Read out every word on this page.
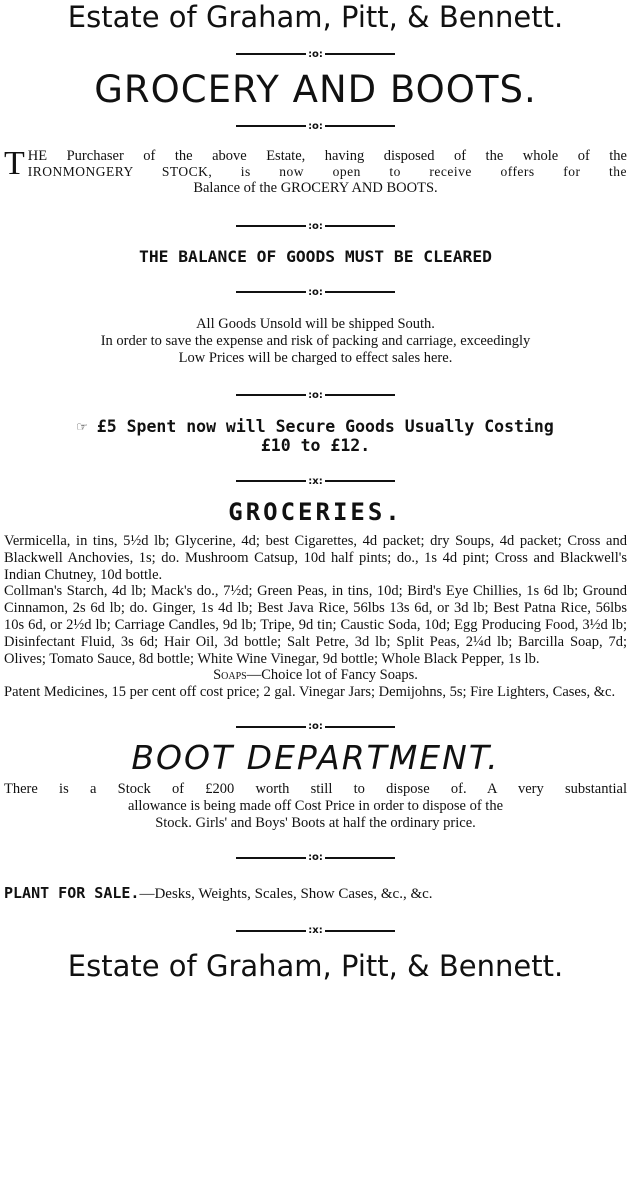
Estate of Graham, Pitt, & Bennett.
:o:
GROCERY AND BOOTS.
:o:
T HE Purchaser of the above Estate, having disposed of the whole of the
IRONMONGERY STOCK, is now open to receive offers for the
Balance of the GROCERY AND BOOTS.
:o:
THE BALANCE OF GOODS MUST BE CLEARED
:o:
All Goods Unsold will be shipped South.
In order to save the expense and risk of packing and carriage, exceedingly
Low Prices will be charged to effect sales here.
:o:
☞ £5 Spent now will Secure Goods Usually Costing
£10 to £12.
:x:
GROCERIES.
Vermicella, in tins, 5½d lb; Glycerine, 4d; best Cigarettes, 4d packet; dry Soups, 4d packet; Cross and Blackwell Anchovies, 1s; do. Mushroom Catsup, 10d half pints; do., 1s 4d pint; Cross and Blackwell's Indian Chutney, 10d bottle.
Collman's Starch, 4d lb; Mack's do., 7½d; Green Peas, in tins, 10d; Bird's Eye Chillies, 1s 6d lb; Ground Cinnamon, 2s 6d lb; do. Ginger, 1s 4d lb; Best Java Rice, 56lbs 13s 6d, or 3d lb; Best Patna Rice, 56lbs 10s 6d, or 2½d lb; Carriage Candles, 9d lb; Tripe, 9d tin; Caustic Soda, 10d; Egg Producing Food, 3½d lb; Disinfectant Fluid, 3s 6d; Hair Oil, 3d bottle; Salt Petre, 3d lb; Split Peas, 2¼d lb; Barcilla Soap, 7d; Olives; Tomato Sauce, 8d bottle; White Wine Vinegar, 9d bottle; Whole Black Pepper, 1s lb.
Soaps—Choice lot of Fancy Soaps.
Patent Medicines, 15 per cent off cost price; 2 gal. Vinegar Jars; Demijohns, 5s; Fire Lighters, Cases, &c.
:o:
BOOT DEPARTMENT.
There is a Stock of £200 worth still to dispose of. A very substantial
allowance is being made off Cost Price in order to dispose of the
Stock. Girls' and Boys' Boots at half the ordinary price.
:o:
PLANT FOR SALE.—Desks, Weights, Scales, Show Cases, &c., &c.
:x:
Estate of Graham, Pitt, & Bennett.
